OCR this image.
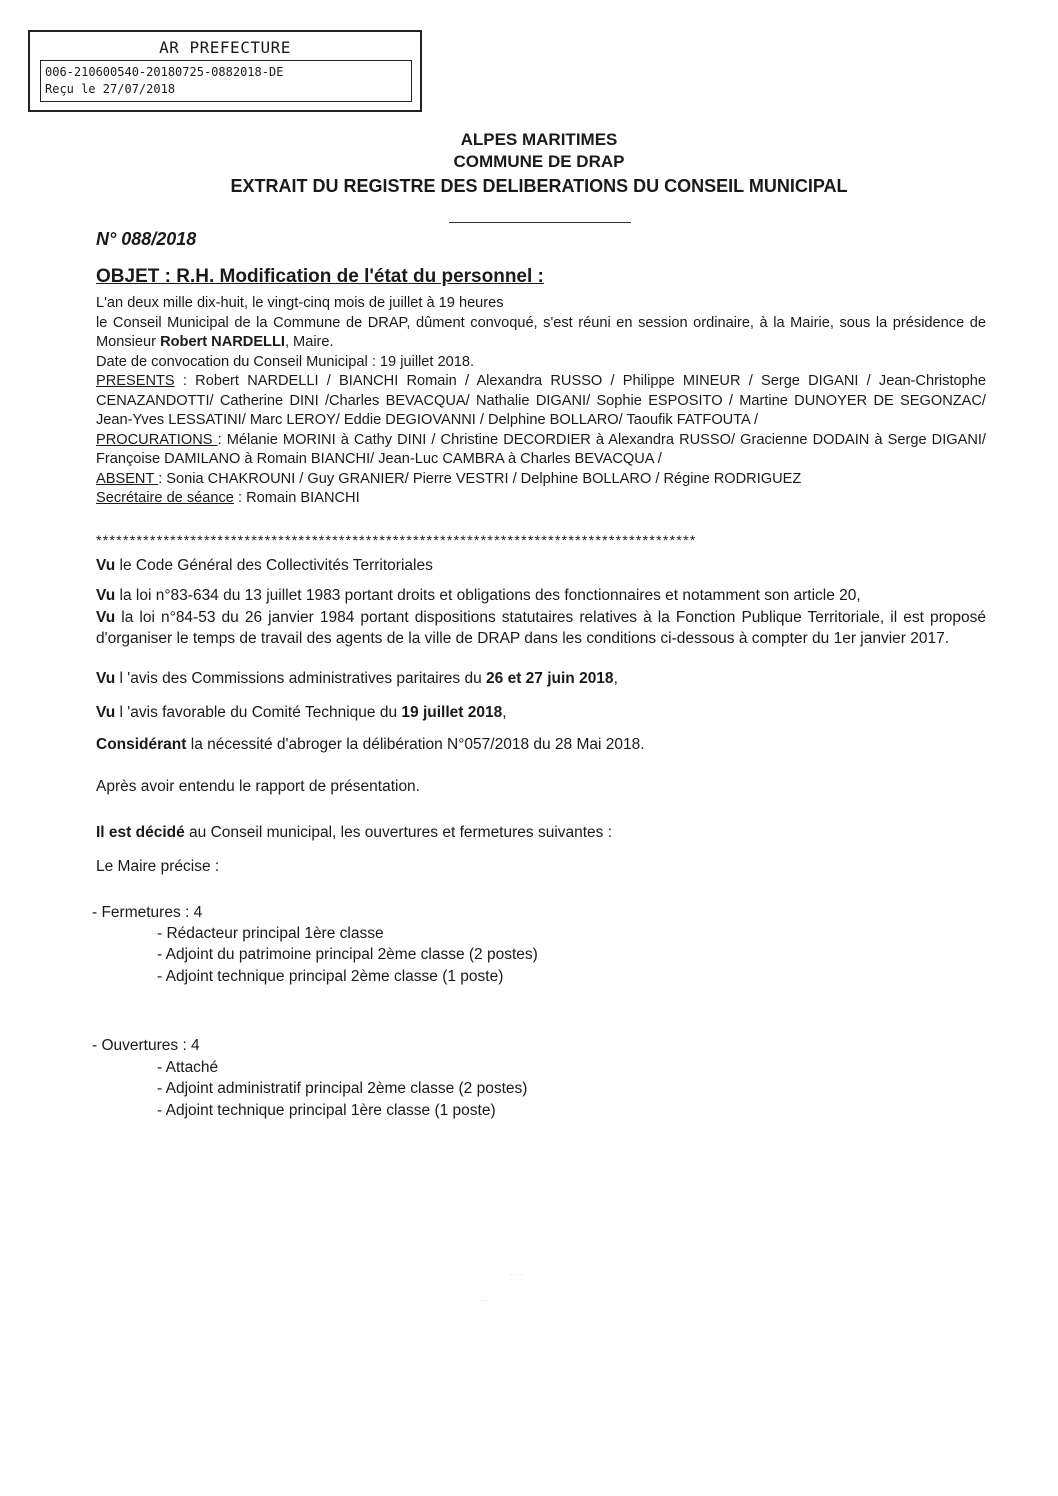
AR PREFECTURE
006-210600540-20180725-0882018-DE
Reçu le 27/07/2018
ALPES MARITIMES
COMMUNE DE DRAP
EXTRAIT DU REGISTRE DES DELIBERATIONS DU CONSEIL MUNICIPAL
N° 088/2018
OBJET : R.H. Modification de l'état du personnel :
L'an deux mille dix-huit, le vingt-cinq mois de juillet à 19 heures
le Conseil Municipal de la Commune de DRAP, dûment convoqué, s'est réuni en session ordinaire, à la Mairie, sous la présidence de Monsieur Robert NARDELLI, Maire.
Date de convocation du Conseil Municipal : 19 juillet 2018.
PRESENTS : Robert NARDELLI / BIANCHI Romain / Alexandra RUSSO / Philippe MINEUR / Serge DIGANI / Jean-Christophe CENAZANDOTTI/ Catherine DINI /Charles BEVACQUA/ Nathalie DIGANI/ Sophie ESPOSITO / Martine DUNOYER DE SEGONZAC/ Jean-Yves LESSATINI/ Marc LEROY/ Eddie DEGIOVANNI / Delphine BOLLARO/ Taoufik FATFOUTA /
PROCURATIONS : Mélanie MORINI à Cathy DINI / Christine DECORDIER à Alexandra RUSSO/ Gracienne DODAIN à Serge DIGANI/ Françoise DAMILANO à Romain BIANCHI/ Jean-Luc CAMBRA à Charles BEVACQUA /
ABSENT : Sonia CHAKROUNI / Guy GRANIER/ Pierre VESTRI / Delphine BOLLARO / Régine RODRIGUEZ
Secrétaire de séance : Romain BIANCHI
*****************************************************************************************
Vu le Code Général des Collectivités Territoriales
Vu la loi n°83-634 du 13 juillet 1983 portant droits et obligations des fonctionnaires et notamment son article 20,
Vu la loi n°84-53 du 26 janvier 1984 portant dispositions statutaires relatives à la Fonction Publique Territoriale, il est proposé d'organiser le temps de travail des agents de la ville de DRAP dans les conditions ci-dessous à compter du 1er janvier 2017.
Vu l 'avis des Commissions administratives paritaires du 26 et 27 juin 2018,
Vu l 'avis favorable du Comité Technique du 19 juillet 2018,
Considérant la nécessité d'abroger la délibération N°057/2018 du 28 Mai 2018.
Après avoir entendu le rapport de présentation.
Il est décidé au Conseil municipal, les ouvertures et fermetures suivantes :
Le Maire précise :
- Fermetures : 4
- Rédacteur principal 1ère classe
- Adjoint du patrimoine principal 2ème classe (2 postes)
- Adjoint technique principal 2ème classe (1 poste)
- Ouvertures : 4
- Attaché
- Adjoint administratif principal 2ème classe (2 postes)
- Adjoint technique principal 1ère classe (1 poste)
· · ·
· ·
